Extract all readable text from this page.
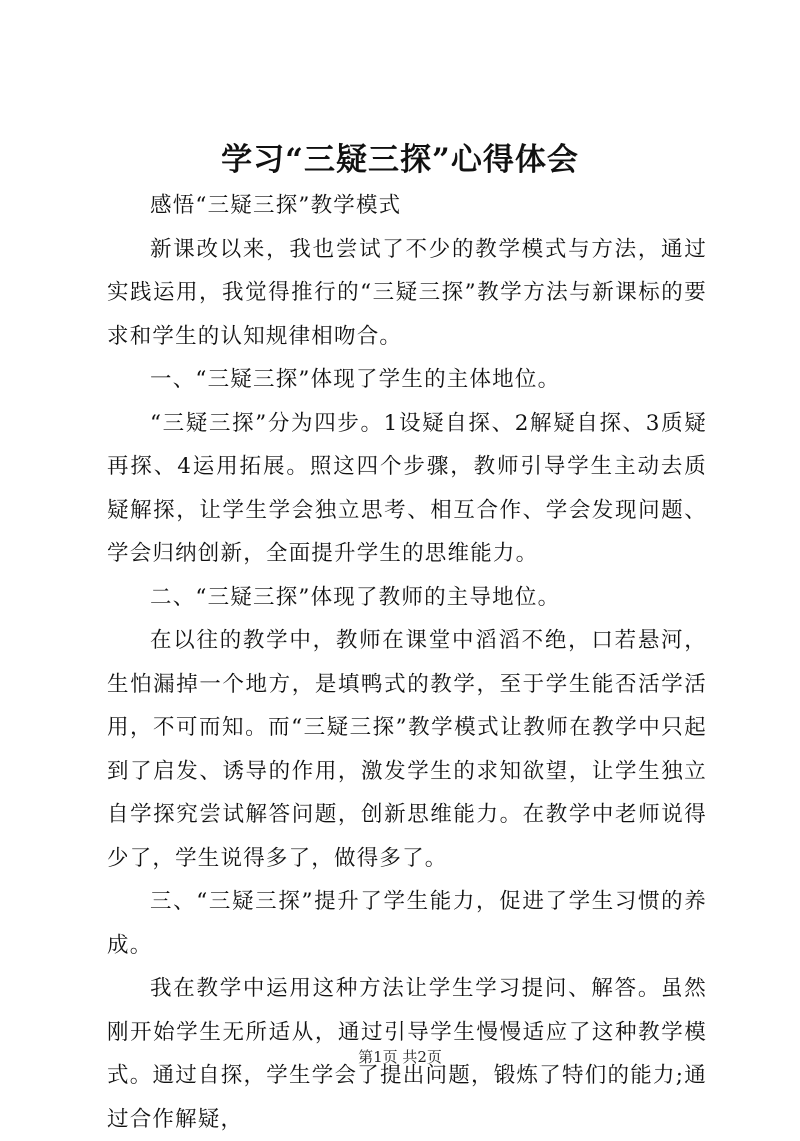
学习“三疑三探”心得体会

感悟“三疑三探”教学模式

新课改以来，我也尝试了不少的教学模式与方法，通过实践运用，我觉得推行的“三疑三探”教学方法与新课标的要求和学生的认知规律相吻合。

一、“三疑三探”体现了学生的主体地位。

“三疑三探”分为四步。1设疑自探、2解疑自探、3质疑再探、4运用拓展。照这四个步骤，教师引导学生主动去质疑解探，让学生学会独立思考、相互合作、学会发现问题、学会归纳创新，全面提升学生的思维能力。

二、“三疑三探”体现了教师的主导地位。

在以往的教学中，教师在课堂中滔滔不绝，口若悬河，生怕漏掉一个地方，是填鸭式的教学，至于学生能否活学活用，不可而知。而“三疑三探”教学模式让教师在教学中只起到了启发、诱导的作用，激发学生的求知欲望，让学生独立自学探究尝试解答问题，创新思维能力。在教学中老师说得少了，学生说得多了，做得多了。

三、“三疑三探”提升了学生能力，促进了学生习惯的养成。

我在教学中运用这种方法让学生学习提问、解答。虽然刚开始学生无所适从，通过引导学生慢慢适应了这种教学模式。通过自探，学生学会了提出问题，锻炼了特们的能力;通过合作解疑，

第1页 共2页
